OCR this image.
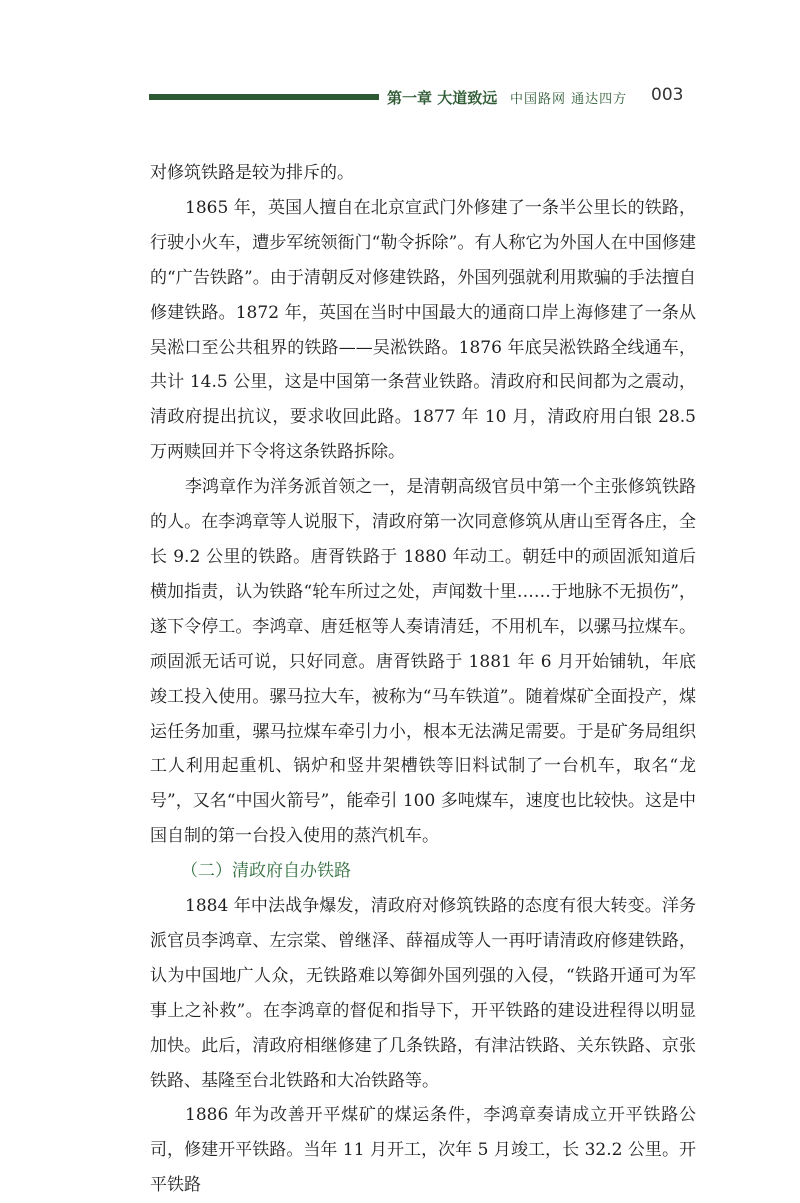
第一章 大道致远 中国路网 通达四方 003

对修筑铁路是较为排斥的。

1865 年，英国人擅自在北京宣武门外修建了一条半公里长的铁路，行驶小火车，遭步军统领衙门“勒令拆除”。有人称它为外国人在中国修建的“广告铁路”。由于清朝反对修建铁路，外国列强就利用欺骗的手法擅自修建铁路。1872 年，英国在当时中国最大的通商口岸上海修建了一条从吴淞口至公共租界的铁路——吴淞铁路。1876 年底吴淞铁路全线通车，共计 14.5 公里，这是中国第一条营业铁路。清政府和民间都为之震动，清政府提出抗议，要求收回此路。1877 年 10 月，清政府用白银 28.5 万两赎回并下令将这条铁路拆除。

李鸿章作为洋务派首领之一，是清朝高级官员中第一个主张修筑铁路的人。在李鸿章等人说服下，清政府第一次同意修筑从唐山至胥各庄，全长 9.2 公里的铁路。唐胥铁路于 1880 年动工。朝廷中的顽固派知道后横加指责，认为铁路“轮车所过之处，声闻数十里……于地脉不无损伤”，遂下令停工。李鸿章、唐廷枢等人奏请清廷，不用机车，以骡马拉煤车。顽固派无话可说，只好同意。唐胥铁路于 1881 年 6 月开始铺轨，年底竣工投入使用。骡马拉大车，被称为“马车铁道”。随着煤矿全面投产，煤运任务加重，骡马拉煤车牵引力小，根本无法满足需要。于是矿务局组织工人利用起重机、锅炉和竖井架槽铁等旧料试制了一台机车，取名“龙号”，又名“中国火箭号”，能牵引 100 多吨煤车，速度也比较快。这是中国自制的第一台投入使用的蒸汽机车。

（二）清政府自办铁路

1884 年中法战争爆发，清政府对修筑铁路的态度有很大转变。洋务派官员李鸿章、左宗棠、曾继泽、薛福成等人一再吁请清政府修建铁路，认为中国地广人众，无铁路难以筹御外国列强的入侵，“铁路开通可为军事上之补救”。在李鸿章的督促和指导下，开平铁路的建设进程得以明显加快。此后，清政府相继修建了几条铁路，有津沽铁路、关东铁路、京张铁路、基隆至台北铁路和大冶铁路等。

1886 年为改善开平煤矿的煤运条件，李鸿章奏请成立开平铁路公司，修建开平铁路。当年 11 月开工，次年 5 月竣工，长 32.2 公里。开平铁路
